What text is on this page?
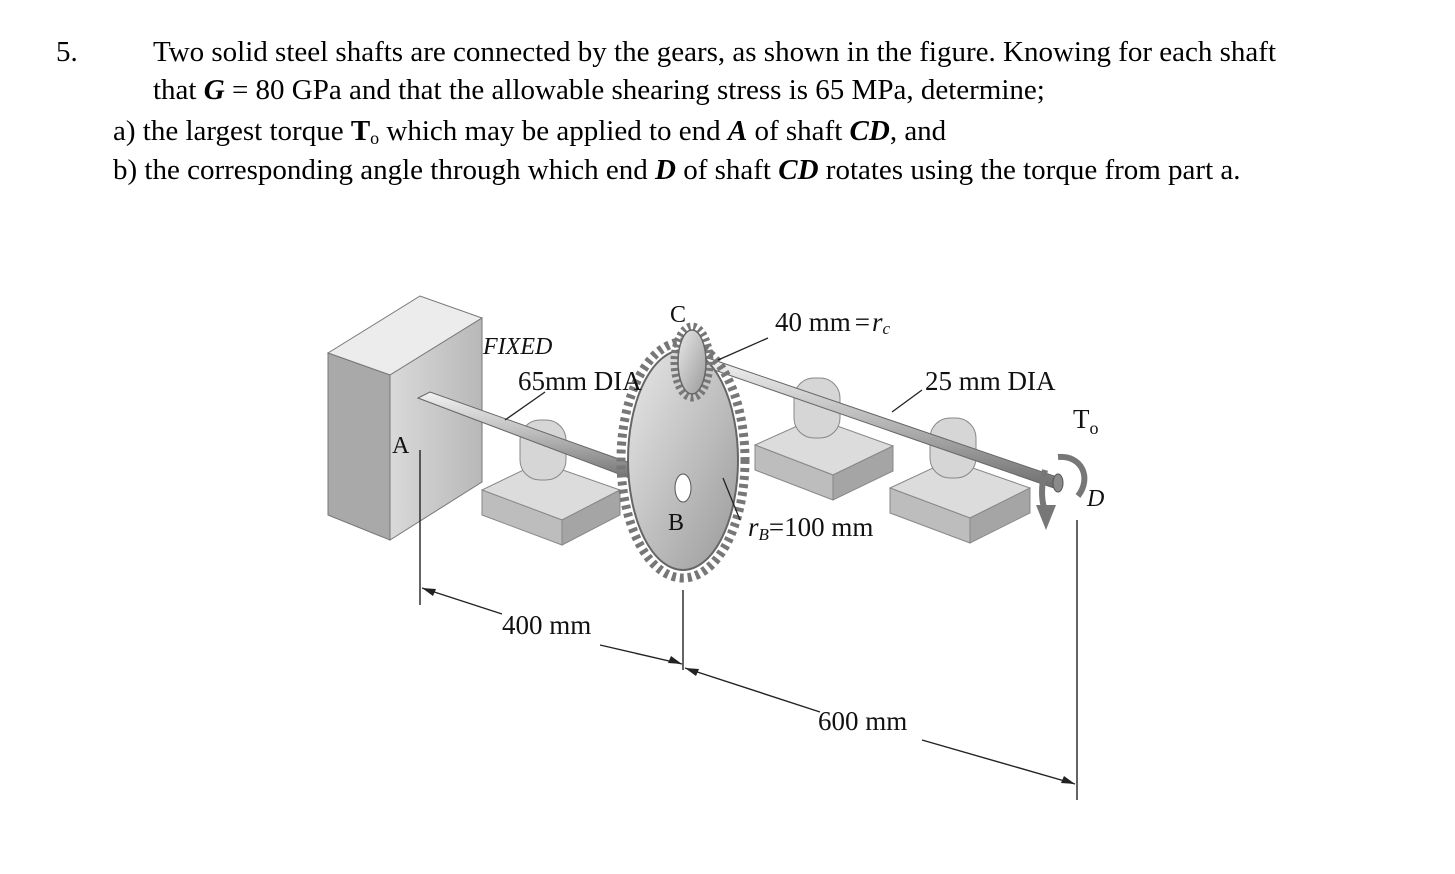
5.	Two solid steel shafts are connected by the gears, as shown in the figure. Knowing for each shaft
that G = 80 GPa and that the allowable shearing stress is 65 MPa, determine;
a) the largest torque $T_o$ which may be applied to end A of shaft CD, and
b) the corresponding angle through which end D of shaft CD rotates using the torque from part a.
FIXED
A
C
B
D
65mm DIA	25 mm DIA
40 mm =rc
rB=100 mm
$T_o$
400 mm
600 mm
